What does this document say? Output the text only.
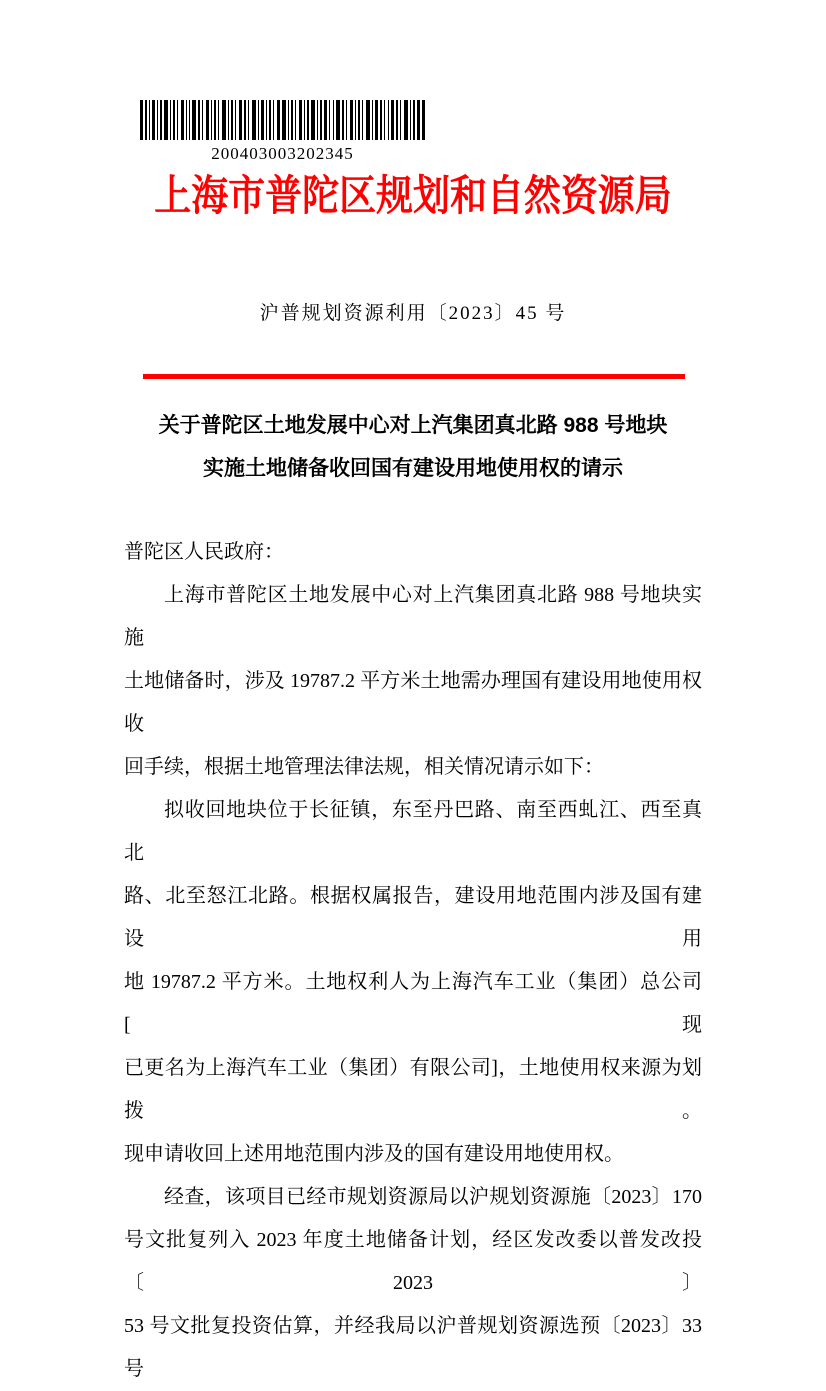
200403003202345
上海市普陀区规划和自然资源局
沪普规划资源利用〔2023〕45 号
关于普陀区土地发展中心对上汽集团真北路 988 号地块
实施土地储备收回国有建设用地使用权的请示
普陀区人民政府：
上海市普陀区土地发展中心对上汽集团真北路 988 号地块实施
土地储备时，涉及 19787.2 平方米土地需办理国有建设用地使用权收
回手续，根据土地管理法律法规，相关情况请示如下：
拟收回地块位于长征镇，东至丹巴路、南至西虬江、西至真北
路、北至怒江北路。根据权属报告，建设用地范围内涉及国有建设用
地 19787.2 平方米。土地权利人为上海汽车工业（集团）总公司[现
已更名为上海汽车工业（集团）有限公司]，土地使用权来源为划拨。
现申请收回上述用地范围内涉及的国有建设用地使用权。
经查，该项目已经市规划资源局以沪规划资源施〔2023〕170
号文批复列入 2023 年度土地储备计划，经区发改委以普发改投〔2023〕
53 号文批复投资估算，并经我局以沪普规划资源选预〔2023〕33 号
